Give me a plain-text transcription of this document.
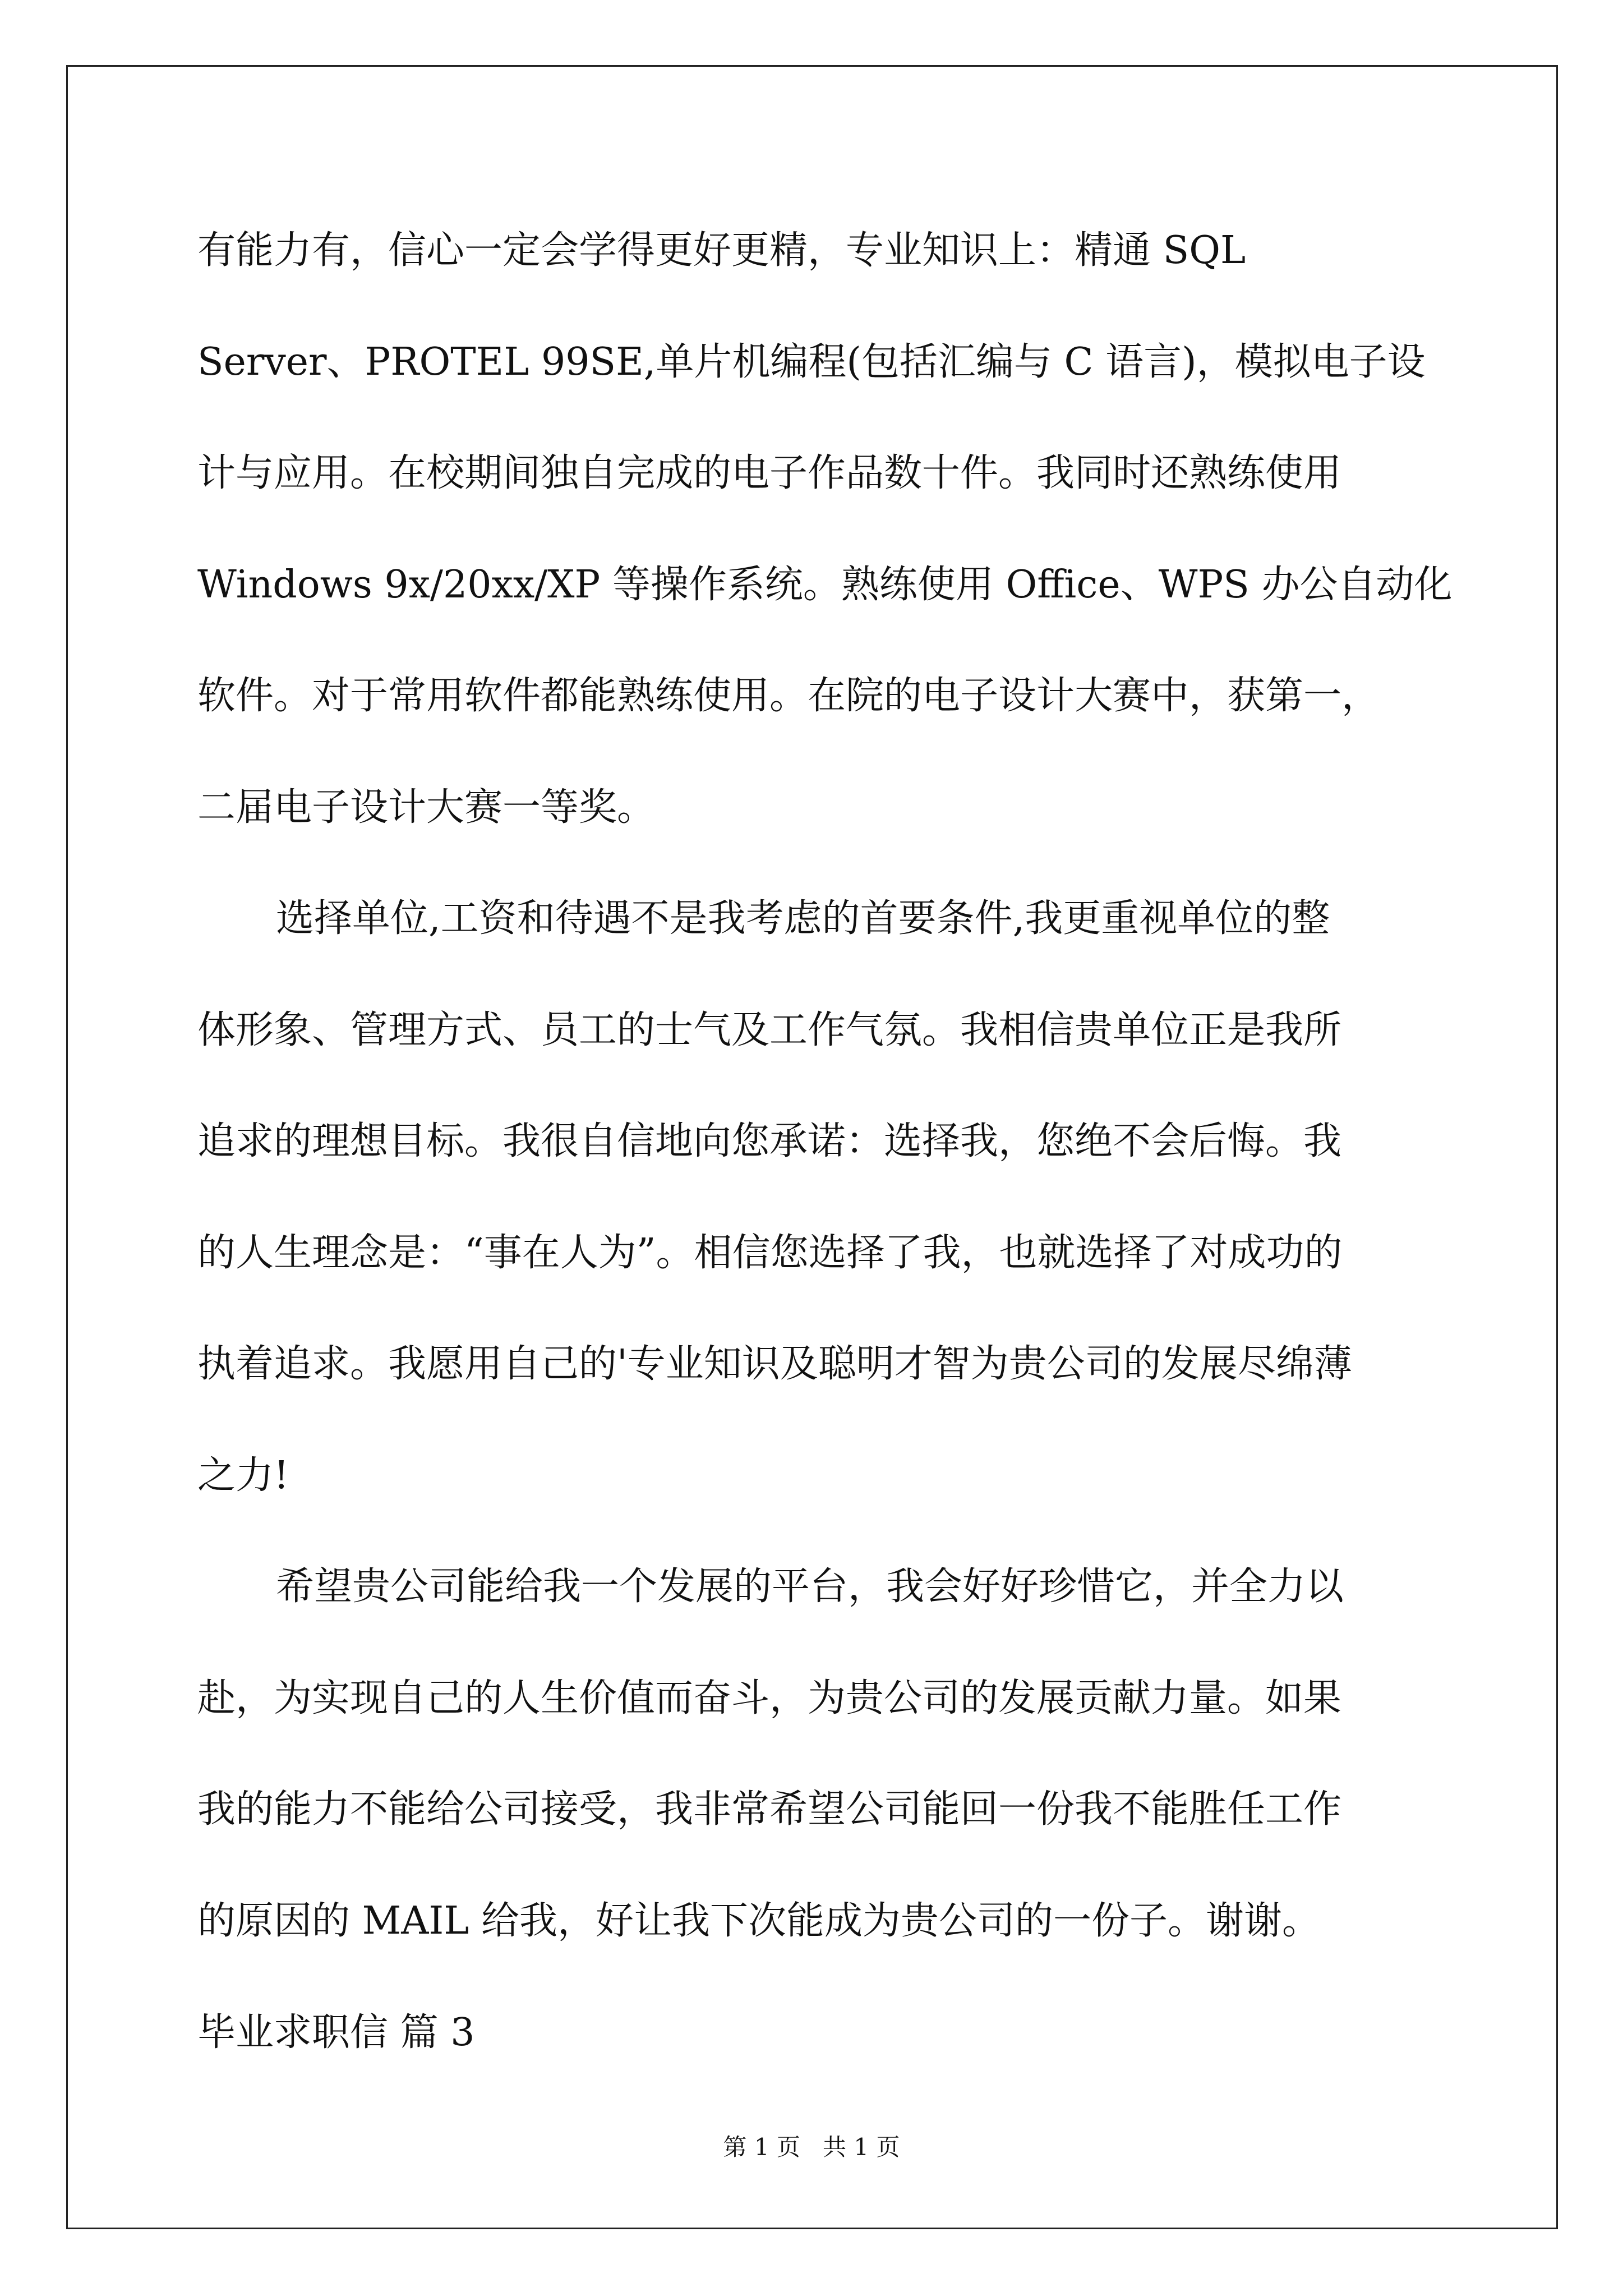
有能力有，信心一定会学得更好更精，专业知识上：精通 SQL
Server、PROTEL 99SE,单片机编程(包括汇编与 C 语言)，模拟电子设
计与应用。在校期间独自完成的电子作品数十件。我同时还熟练使用
Windows 9x/20xx/XP 等操作系统。熟练使用 Office、WPS 办公自动化
软件。对于常用软件都能熟练使用。在院的电子设计大赛中，获第一，
二届电子设计大赛一等奖。
选择单位,工资和待遇不是我考虑的首要条件,我更重视单位的整
体形象、管理方式、员工的士气及工作气氛。我相信贵单位正是我所
追求的理想目标。我很自信地向您承诺：选择我，您绝不会后悔。我
的人生理念是：“事在人为”。相信您选择了我，也就选择了对成功的
执着追求。我愿用自己的'专业知识及聪明才智为贵公司的发展尽绵薄
之力!
希望贵公司能给我一个发展的平台，我会好好珍惜它，并全力以
赴，为实现自己的人生价值而奋斗，为贵公司的发展贡献力量。如果
我的能力不能给公司接受，我非常希望公司能回一份我不能胜任工作
的原因的 MAIL 给我，好让我下次能成为贵公司的一份子。谢谢。
毕业求职信 篇 3
第 1 页   共 1 页
